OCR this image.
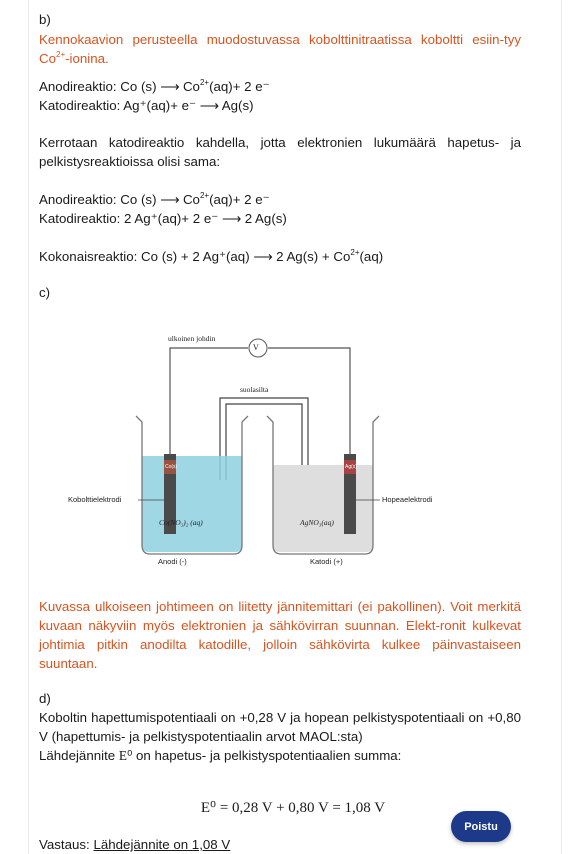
b)

Kennokaavion perusteella muodostuvassa kobolttinitraatissa koboltti esiin-tyy $Co^{2+}$-ionina.

Anodireaktio: Co (s) ⟶ $Co^{2+}(aq)+ 2$ e⁻

Katodireaktio: Ag⁺(aq)+ e⁻ ⟶ Ag(s)

Kerrotaan katodireaktio kahdella, jotta elektronien lukumäärä hapetus- ja pelkistysreaktioissa olisi sama:

Anodireaktio: Co (s) ⟶ $Co^{2+}(aq)+ 2$ e⁻

Katodireaktio: 2 Ag⁺(aq)+ 2 e⁻ ⟶ 2 Ag(s)

Kokonaisreaktio: Co (s) + 2 Ag⁺(aq) ⟶ 2 $Ag(s) + Co^{2+}(aq)$

c)

ulkoinen johdin
V
suolasilta
Co(s)	Ag(s)
Kobolttielektrodi	Hopeaelektrodi
Co(NO₃)₂ (aq)	AgNO₃(aq)
Anodi (-)	Katodi (+)

Kuvassa ulkoiseen johtimeen on liitetty jännitemittari (ei pakollinen). Voit merkitä kuvaan näkyviin myös elektronien ja sähkövirran suunnan. Elekt-ronit kulkevat johtimia pitkin anodilta katodille, jolloin sähkövirta kulkee päinvastaiseen suuntaan.

d)

Koboltin hapettumispotentiaali on +0,28 V ja hopean pelkistyspotentiaali on +0,80 V (hapettumis- ja pelkistyspotentiaalin arvot MAOL:sta)

Lähdejännite E⁰ on hapetus- ja pelkistyspotentiaalien summa:

E⁰ = 0,28 V + 0,80 V = 1,08 V

Vastaus: Lähdejännite on 1,08 V

Poistu
